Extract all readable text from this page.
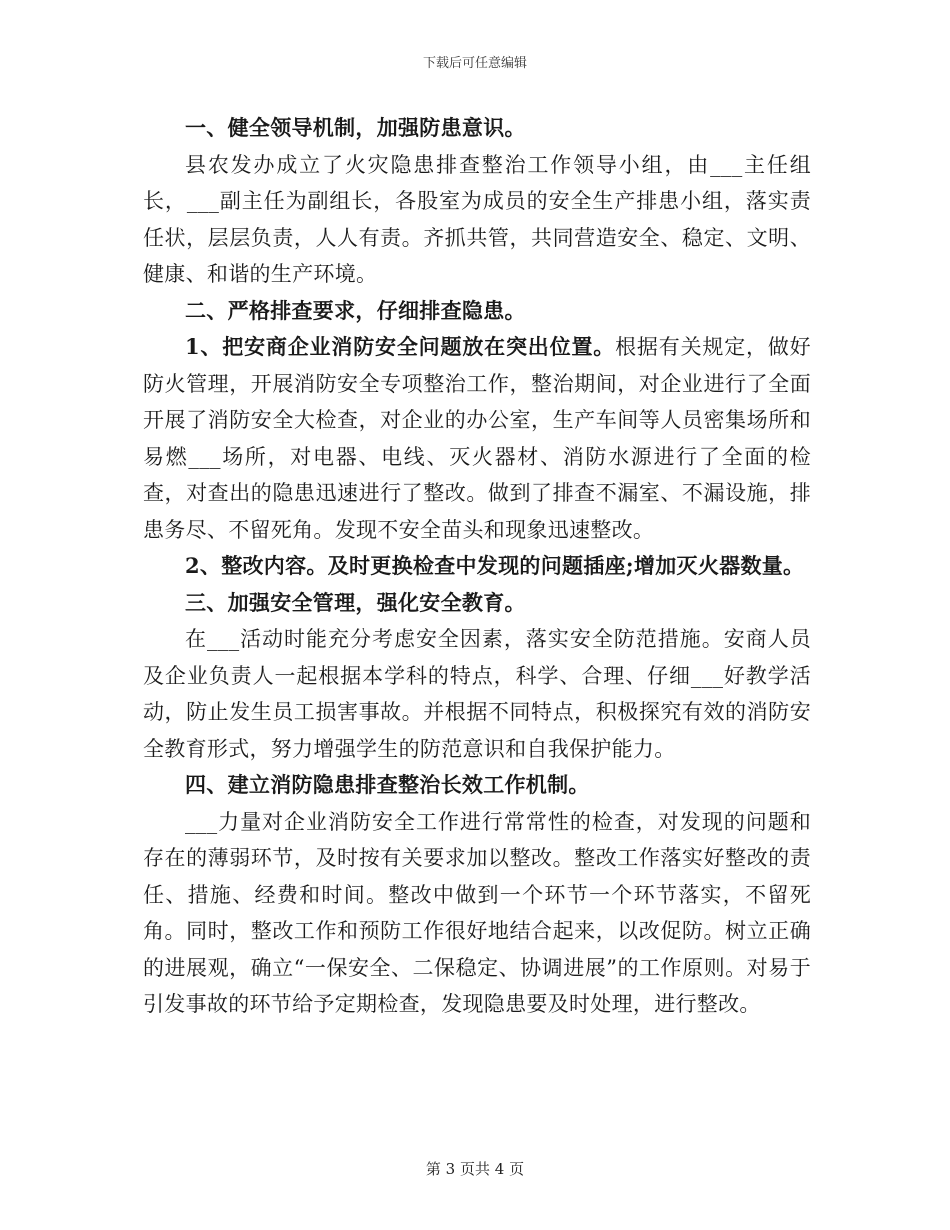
下载后可任意编辑

一、健全领导机制，加强防患意识。

县农发办成立了火灾隐患排查整治工作领导小组，由___主任组长，___副主任为副组长，各股室为成员的安全生产排患小组，落实责任状，层层负责，人人有责。齐抓共管，共同营造安全、稳定、文明、健康、和谐的生产环境。

二、严格排查要求，仔细排查隐患。

1、把安商企业消防安全问题放在突出位置。根据有关规定，做好防火管理，开展消防安全专项整治工作，整治期间，对企业进行了全面开展了消防安全大检查，对企业的办公室，生产车间等人员密集场所和易燃___场所，对电器、电线、灭火器材、消防水源进行了全面的检查，对查出的隐患迅速进行了整改。做到了排查不漏室、不漏设施，排患务尽、不留死角。发现不安全苗头和现象迅速整改。

2、整改内容。及时更换检查中发现的问题插座;增加灭火器数量。

三、加强安全管理，强化安全教育。

在___活动时能充分考虑安全因素，落实安全防范措施。安商人员及企业负责人一起根据本学科的特点，科学、合理、仔细___好教学活动，防止发生员工损害事故。并根据不同特点，积极探究有效的消防安全教育形式，努力增强学生的防范意识和自我保护能力。

四、建立消防隐患排查整治长效工作机制。

___力量对企业消防安全工作进行常常性的检查，对发现的问题和存在的薄弱环节，及时按有关要求加以整改。整改工作落实好整改的责任、措施、经费和时间。整改中做到一个环节一个环节落实，不留死角。同时，整改工作和预防工作很好地结合起来，以改促防。树立正确的进展观，确立“一保安全、二保稳定、协调进展”的工作原则。对易于引发事故的环节给予定期检查，发现隐患要及时处理，进行整改。

第 3 页共 4 页
